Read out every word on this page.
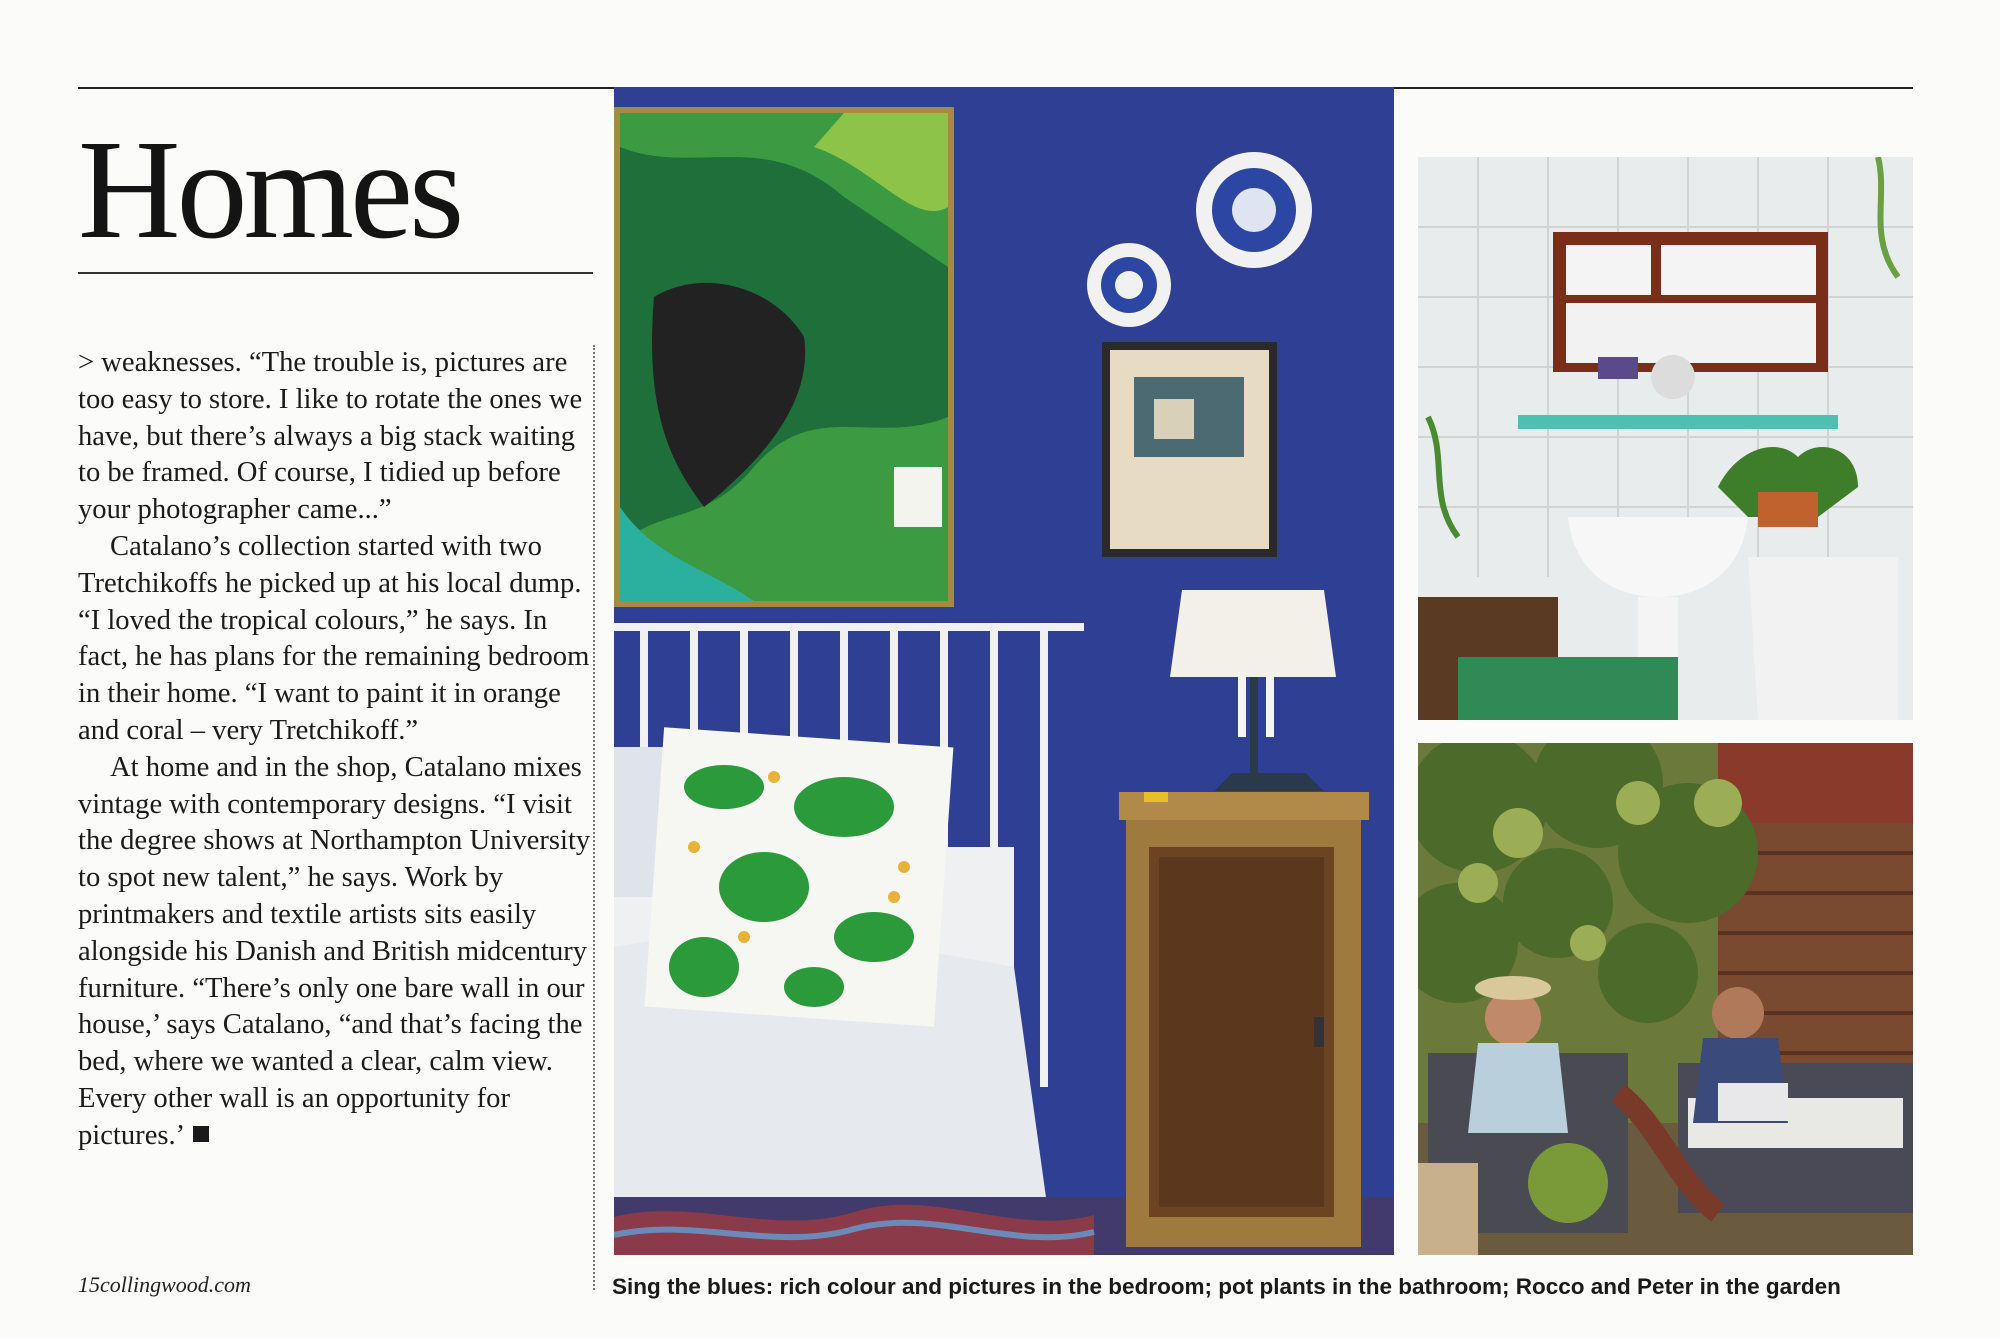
Homes

> weaknesses. “The trouble is, pictures are too easy to store. I like to rotate the ones we have, but there’s always a big stack waiting to be framed. Of course, I tidied up before your photographer came...”

Catalano’s collection started with two Tretchikoffs he picked up at his local dump. “I loved the tropical colours,” he says. In fact, he has plans for the remaining bedroom in their home. “I want to paint it in orange and coral – very Tretchikoff.”

At home and in the shop, Catalano mixes vintage with contemporary designs. “I visit the degree shows at Northampton University to spot new talent,” he says. Work by printmakers and textile artists sits easily alongside his Danish and British midcentury furniture. “There’s only one bare wall in our house,’ says Catalano, “and that’s facing the bed, where we wanted a clear, calm view. Every other wall is an opportunity for pictures.’

15collingwood.com	Sing the blues: rich colour and pictures in the bedroom; pot plants in the bathroom; Rocco and Peter in the garden
